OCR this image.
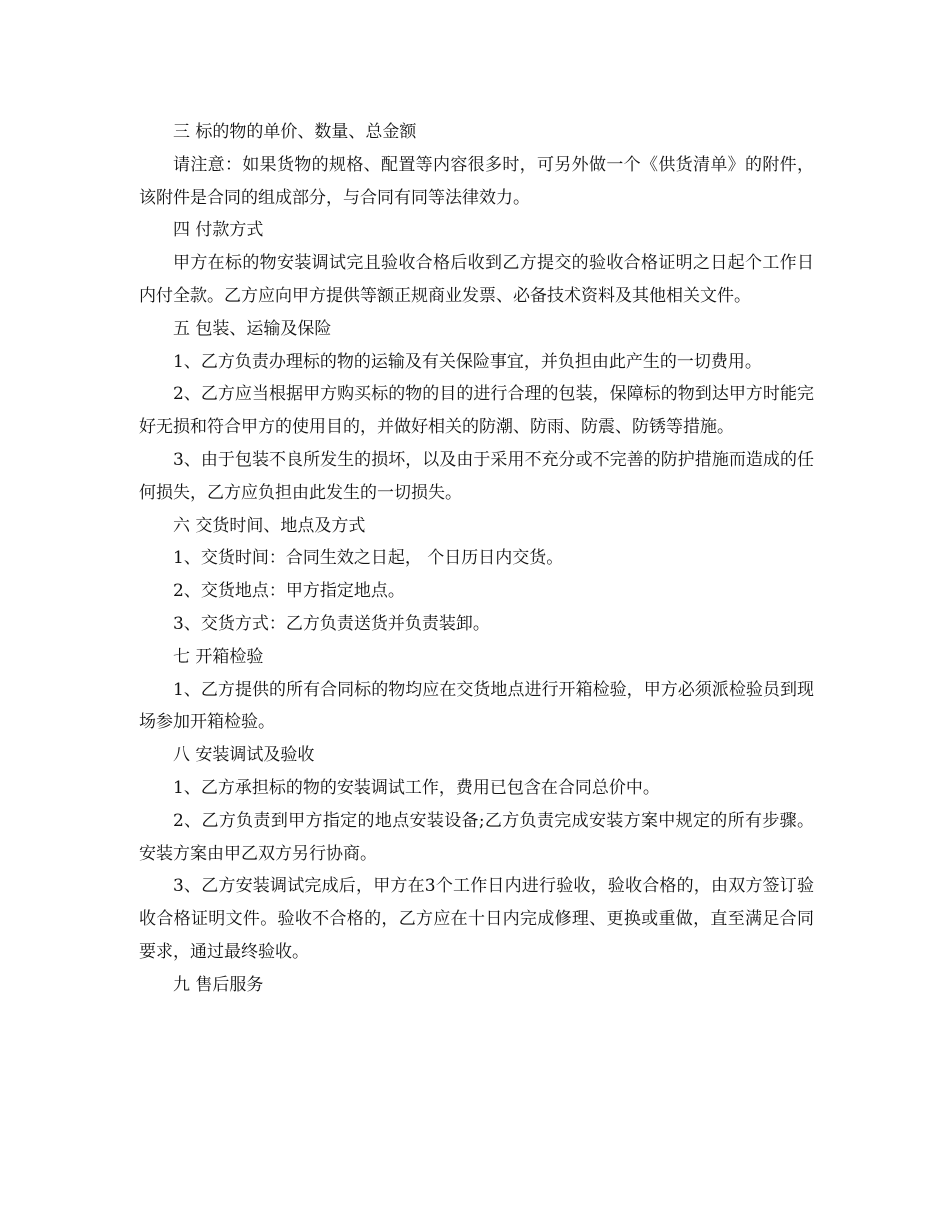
三 标的物的单价、数量、总金额

请注意：如果货物的规格、配置等内容很多时，可另外做一个《供货清单》的附件，该附件是合同的组成部分，与合同有同等法律效力。

四 付款方式

甲方在标的物安装调试完且验收合格后收到乙方提交的验收合格证明之日起个工作日内付全款。乙方应向甲方提供等额正规商业发票、必备技术资料及其他相关文件。

五 包装、运输及保险

1、乙方负责办理标的物的运输及有关保险事宜，并负担由此产生的一切费用。

2、乙方应当根据甲方购买标的物的目的进行合理的包装，保障标的物到达甲方时能完好无损和符合甲方的使用目的，并做好相关的防潮、防雨、防震、防锈等措施。

3、由于包装不良所发生的损坏，以及由于采用不充分或不完善的防护措施而造成的任何损失，乙方应负担由此发生的一切损失。

六 交货时间、地点及方式

1、交货时间：合同生效之日起， 个日历日内交货。

2、交货地点：甲方指定地点。

3、交货方式：乙方负责送货并负责装卸。

七 开箱检验

1、乙方提供的所有合同标的物均应在交货地点进行开箱检验，甲方必须派检验员到现场参加开箱检验。

八 安装调试及验收

1、乙方承担标的物的安装调试工作，费用已包含在合同总价中。

2、乙方负责到甲方指定的地点安装设备;乙方负责完成安装方案中规定的所有步骤。安装方案由甲乙双方另行协商。

3、乙方安装调试完成后，甲方在3个工作日内进行验收，验收合格的，由双方签订验收合格证明文件。验收不合格的，乙方应在十日内完成修理、更换或重做，直至满足合同要求，通过最终验收。

九 售后服务
